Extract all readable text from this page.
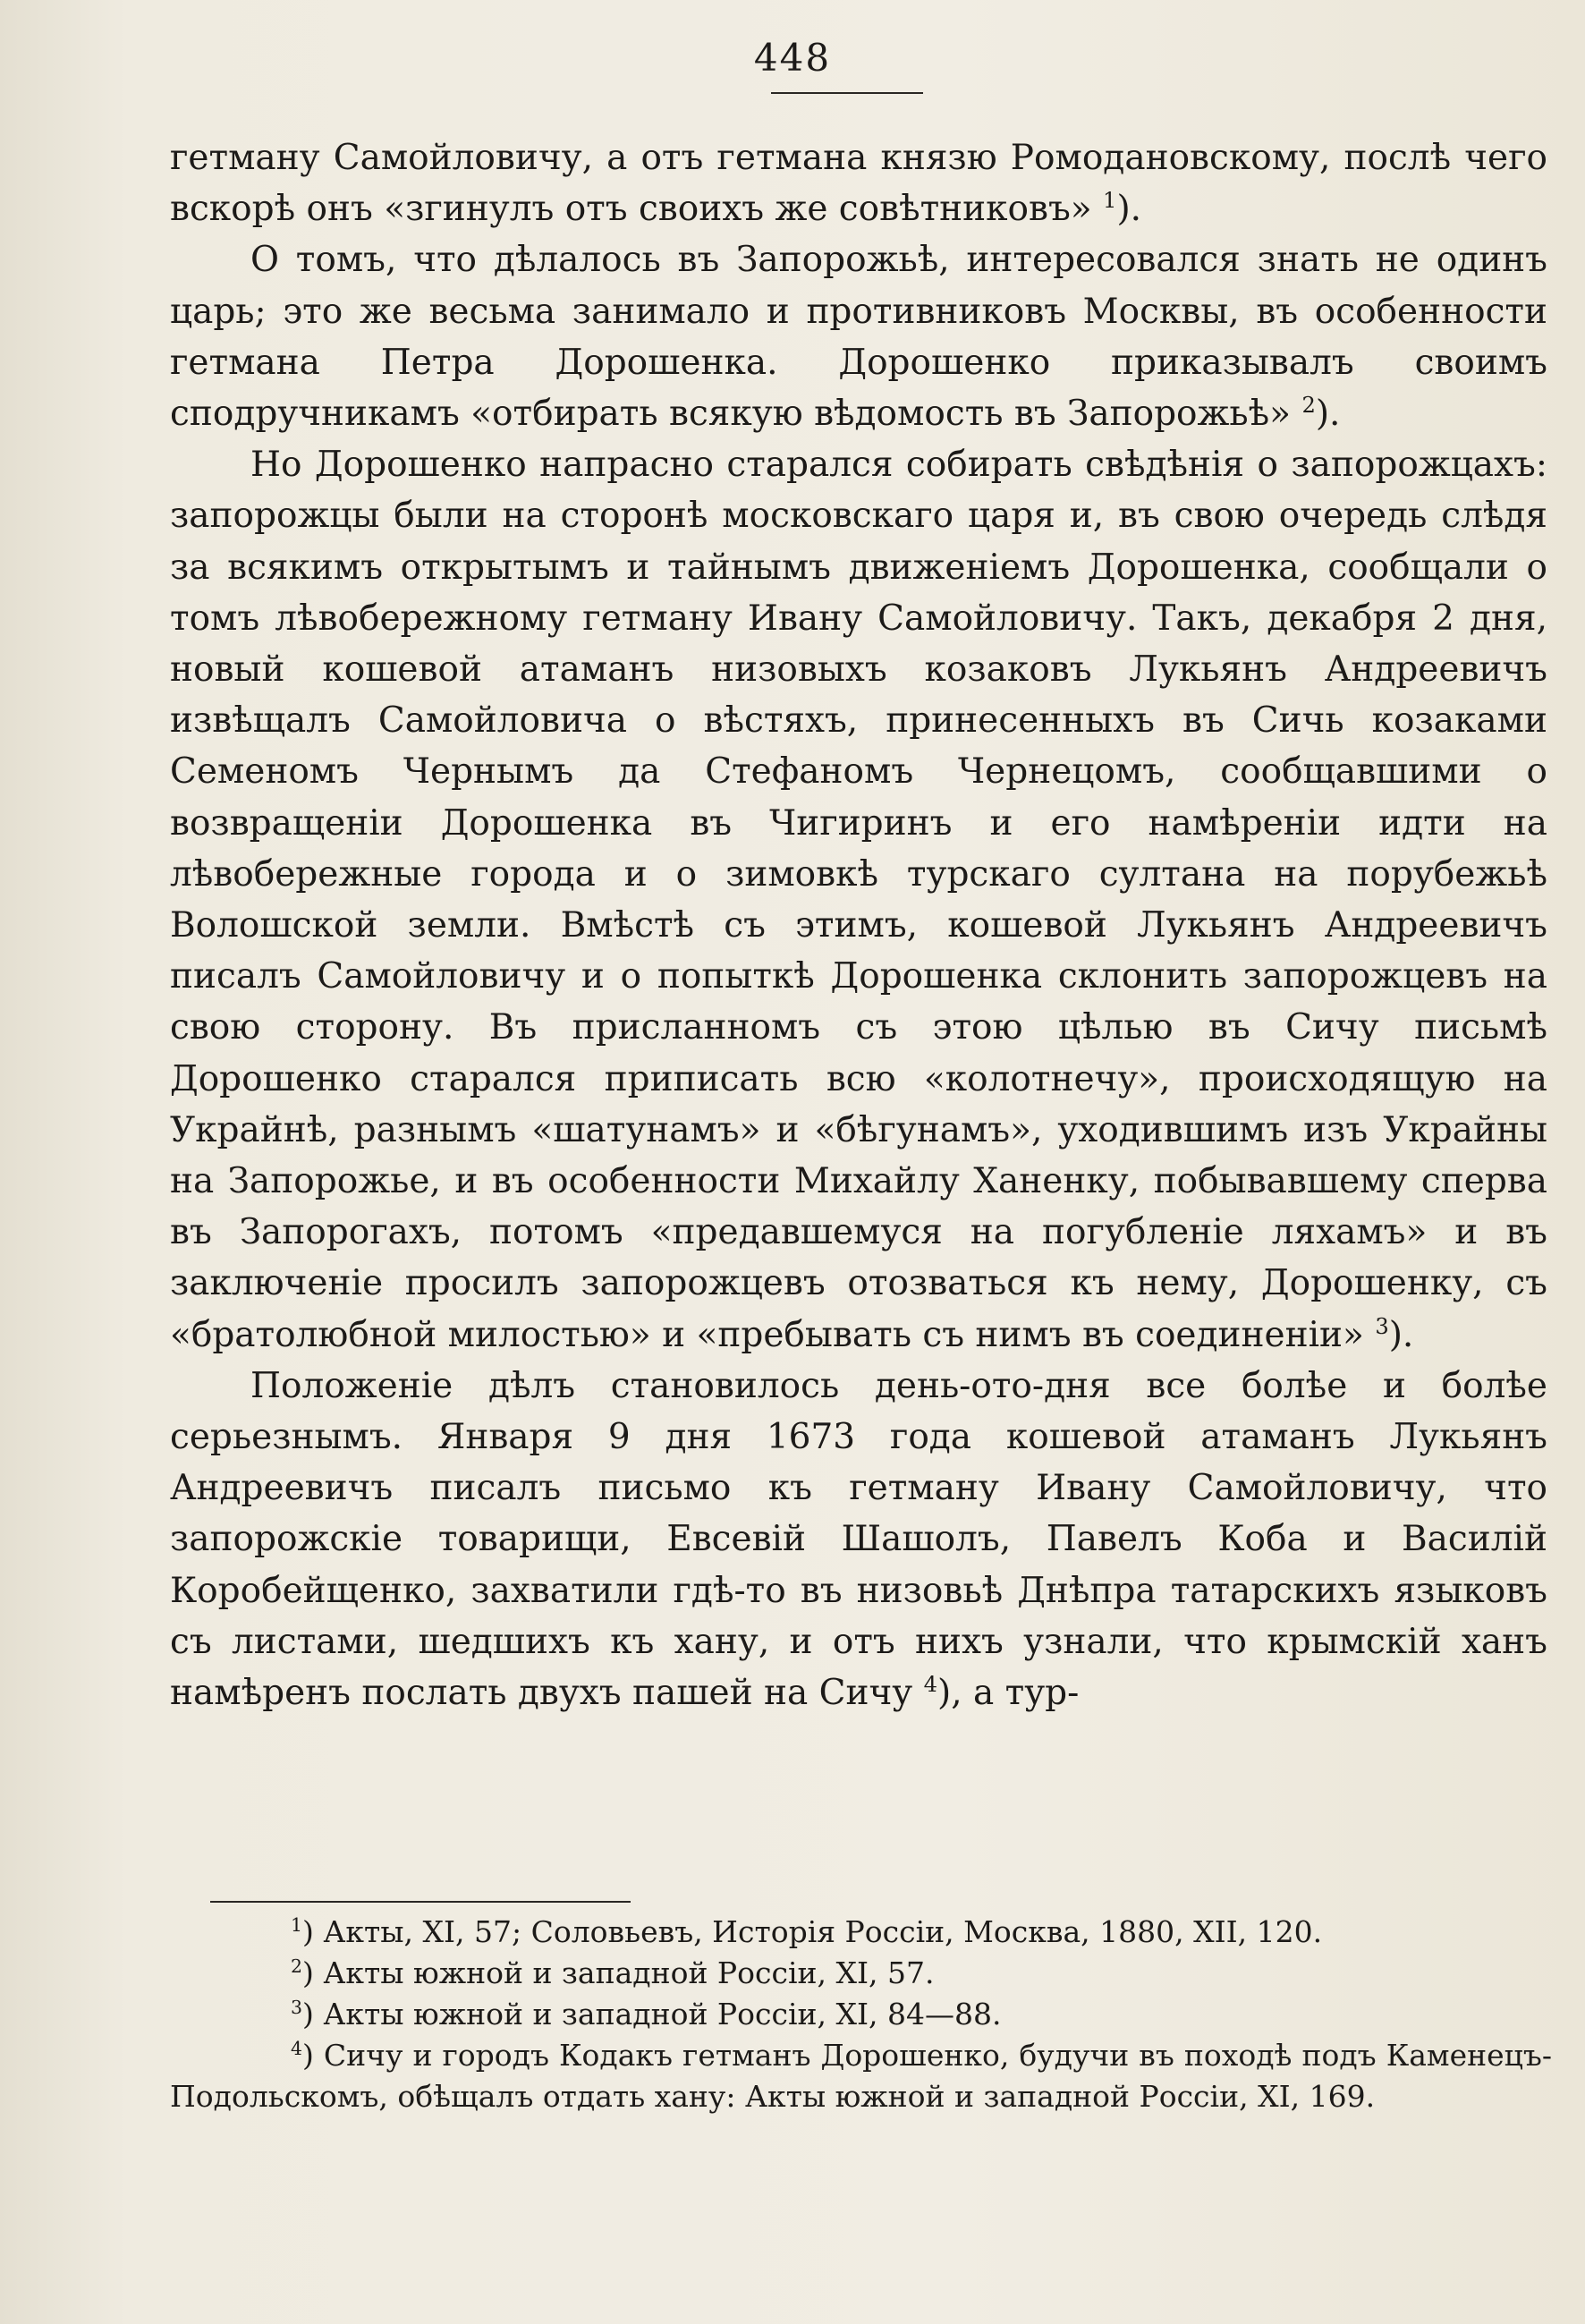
448

гетману Самойловичу, а отъ гетмана князю Ромодановскому, послѣ чего вскорѣ онъ «згинулъ отъ своихъ же совѣтниковъ» $^1$).

О томъ, что дѣлалось въ Запорожьѣ, интересовался знать не одинъ царь; это же весьма занимало и противниковъ Москвы, въ особенности гетмана Петра Дорошенка. Дорошенко приказывалъ своимъ сподручникамъ «отбирать всякую вѣдомость въ Запорожьѣ» $^2$).

Но Дорошенко напрасно старался собирать свѣдѣнія о запорожцахъ: запорожцы были на сторонѣ московскаго царя и, въ свою очередь слѣдя за всякимъ открытымъ и тайнымъ движеніемъ Дорошенка, сообщали о томъ лѣвобережному гетману Ивану Самойловичу. Такъ, декабря 2 дня, новый кошевой атаманъ низовыхъ козаковъ Лукьянъ Андреевичъ извѣщалъ Самойловича о вѣстяхъ, принесенныхъ въ Сичь козаками Семеномъ Чернымъ да Стефаномъ Чернецомъ, сообщавшими о возвращеніи Дорошенка въ Чигиринъ и его намѣреніи идти на лѣвобережные города и о зимовкѣ турскаго султана на порубежьѣ Волошской земли. Вмѣстѣ съ этимъ, кошевой Лукьянъ Андреевичъ писалъ Самойловичу и о попыткѣ Дорошенка склонить запорожцевъ на свою сторону. Въ присланномъ съ этою цѣлью въ Сичу письмѣ Дорошенко старался приписать всю «колотнечу», происходящую на Украйнѣ, разнымъ «шатунамъ» и «бѣгунамъ», уходившимъ изъ Украйны на Запорожье, и въ особенности Михайлу Ханенку, побывавшему сперва въ Запорогахъ, потомъ «предавшемуся на погубленіе ляхамъ» и въ заключеніе просилъ запорожцевъ отозваться къ нему, Дорошенку, съ «братолюбной милостью» и «пребывать съ нимъ въ соединеніи» $^3$).

Положеніе дѣлъ становилось день-ото-дня все болѣе и болѣе серьезнымъ. Января 9 дня 1673 года кошевой атаманъ Лукьянъ Андреевичъ писалъ письмо къ гетману Ивану Самойловичу, что запорожскіе товарищи, Евсевій Шашолъ, Павелъ Коба и Василій Коробейщенко, захватили гдѣ-то въ низовьѣ Днѣпра татарскихъ языковъ съ листами, шедшихъ къ хану, и отъ нихъ узнали, что крымскій ханъ намѣренъ послать двухъ пашей на Сичу $^4$), а тур-

$^1$) Акты, XI, 57; Соловьевъ, Исторія Россіи, Москва, 1880, XII, 120.

$^2$) Акты южной и западной Россіи, XI, 57.

$^3$) Акты южной и западной Россіи, XI, 84—88.

$^4$) Сичу и городъ Кодакъ гетманъ Дорошенко, будучи въ походѣ подъ Каменецъ-Подольскомъ, обѣщалъ отдать хану: Акты южной и западной Россіи, XI, 169.
